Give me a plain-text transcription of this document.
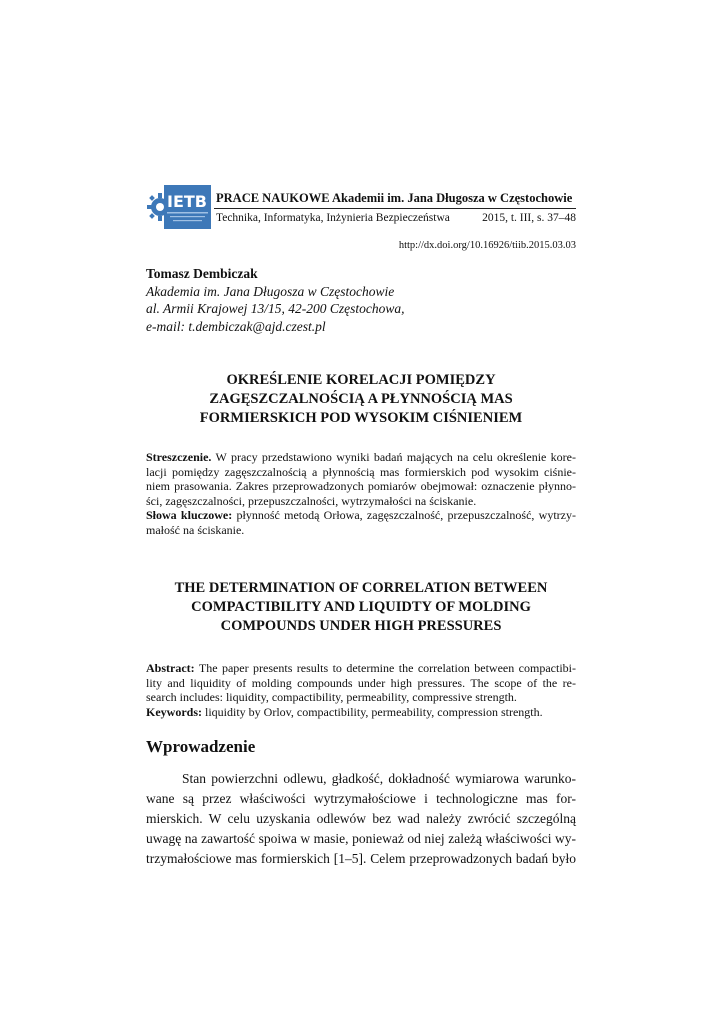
IETB PRACE NAUKOWE Akademii im. Jana Długosza w Częstochowie
Technika, Informatyka, Inżynieria Bezpieczeństwa	2015, t. III, s. 37–48
http://dx.doi.org/10.16926/tiib.2015.03.03
Tomasz Dembiczak
Akademia im. Jana Długosza w Częstochowie
al. Armii Krajowej 13/15, 42-200 Częstochowa,
e-mail: t.dembiczak@ajd.czest.pl
OKREŚLENIE KORELACJI POMIĘDZY
ZAGĘSZCZALNOŚCIĄ A PŁYNNOŚCIĄ MAS
FORMIERSKICH POD WYSOKIM CIŚNIENIEM
Streszczenie. W pracy przedstawiono wyniki badań mających na celu określenie kore-
lacji pomiędzy zagęszczalnością a płynnością mas formierskich pod wysokim ciśnie-
niem prasowania. Zakres przeprowadzonych pomiarów obejmował: oznaczenie płynno-
ści, zagęszczalności, przepuszczalności, wytrzymałości na ściskanie.
Słowa kluczowe: płynność metodą Orłowa, zagęszczalność, przepuszczalność, wytrzy-
małość na ściskanie.
THE DETERMINATION OF CORRELATION BETWEEN
COMPACTIBILITY AND LIQUIDTY OF MOLDING
COMPOUNDS UNDER HIGH PRESSURES
Abstract: The paper presents results to determine the correlation between compactibi-
lity and liquidity of molding compounds under high pressures. The scope of the re-
search includes: liquidity, compactibility, permeability, compressive strength.
Keywords: liquidity by Orlov, compactibility, permeability, compression strength.
Wprowadzenie
Stan powierzchni odlewu, gładkość, dokładność wymiarowa warunko-
wane są przez właściwości wytrzymałościowe i technologiczne mas for-
mierskich. W celu uzyskania odlewów bez wad należy zwrócić szczególną
uwagę na zawartość spoiwa w masie, ponieważ od niej zależą właściwości wy-
trzymałościowe mas formierskich [1–5]. Celem przeprowadzonych badań było
